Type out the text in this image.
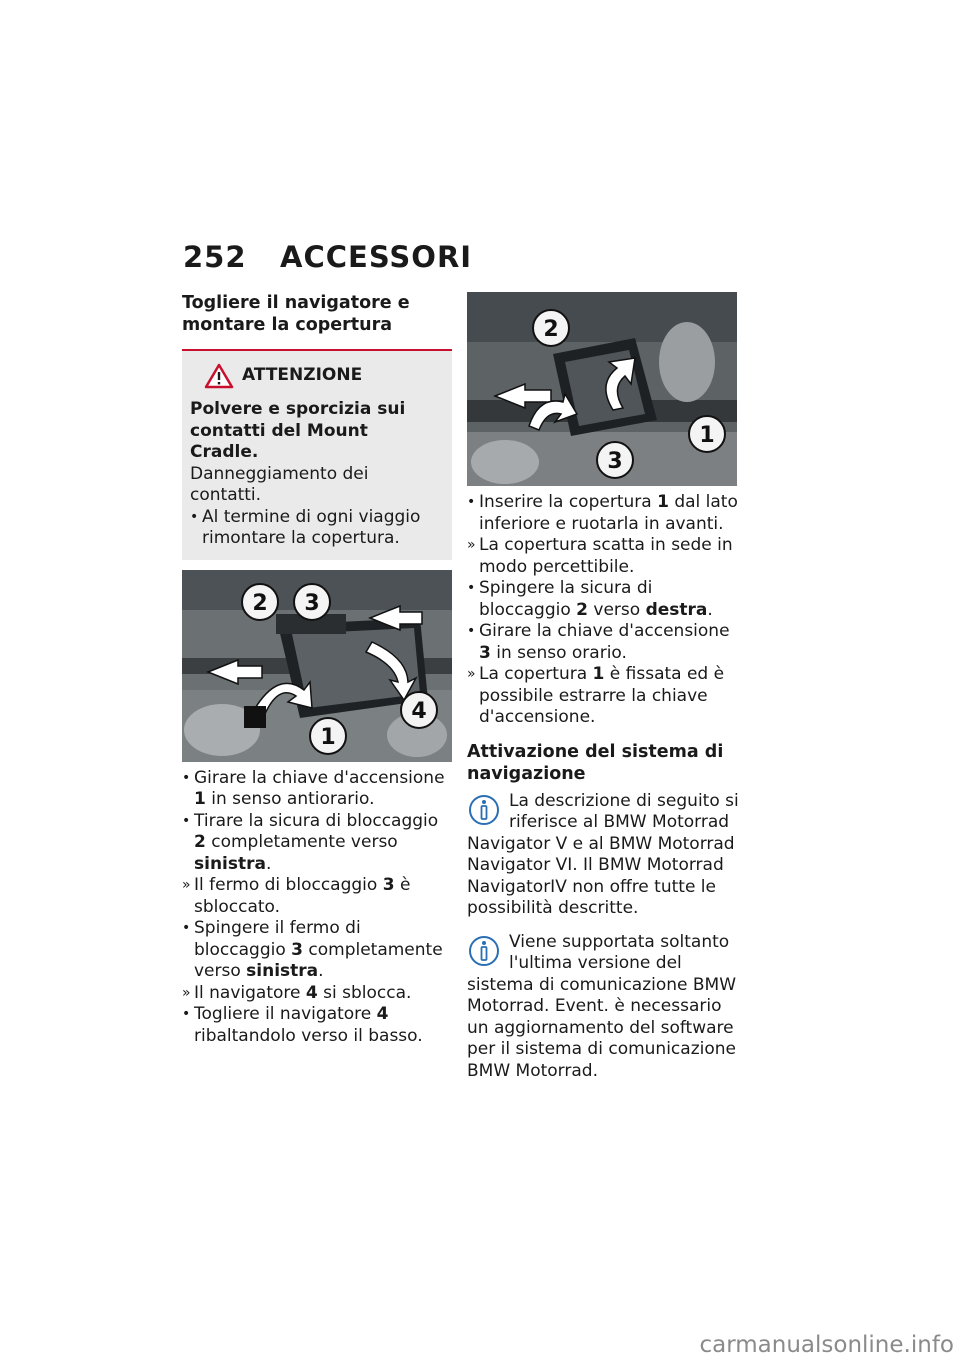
252 ACCESSORI
Togliere il navigatore e montare la copertura
ATTENZIONE
Polvere e sporcizia sui contatti del Mount Cradle.
Danneggiamento dei contatti.
• Al termine di ogni viaggio rimontare la copertura.
2 3
4
1
• Girare la chiave d'accensione 1 in senso antiorario.
• Tirare la sicura di bloccaggio 2 completamente verso sinistra.
» Il fermo di bloccaggio 3 è sbloccato.
• Spingere il fermo di bloccaggio 3 completamente verso sinistra.
» Il navigatore 4 si sblocca.
• Togliere il navigatore 4 ribaltandolo verso il basso.
2
1
3
• Inserire la copertura 1 dal lato inferiore e ruotarla in avanti.
» La copertura scatta in sede in modo percettibile.
• Spingere la sicura di bloccaggio 2 verso destra.
• Girare la chiave d'accensione 3 in senso orario.
» La copertura 1 è fissata ed è possibile estrarre la chiave d'accensione.
Attivazione del sistema di navigazione
La descrizione di seguito si riferisce al BMW Motorrad Navigator V e al BMW Motorrad Navigator VI. Il BMW Motorrad NavigatorIV non offre tutte le possibilità descritte.
Viene supportata soltanto l'ultima versione del sistema di comunicazione BMW Motorrad. Event. è necessario un aggiornamento del software per il sistema di comunicazione BMW Motorrad.
carmanualsonline.info
